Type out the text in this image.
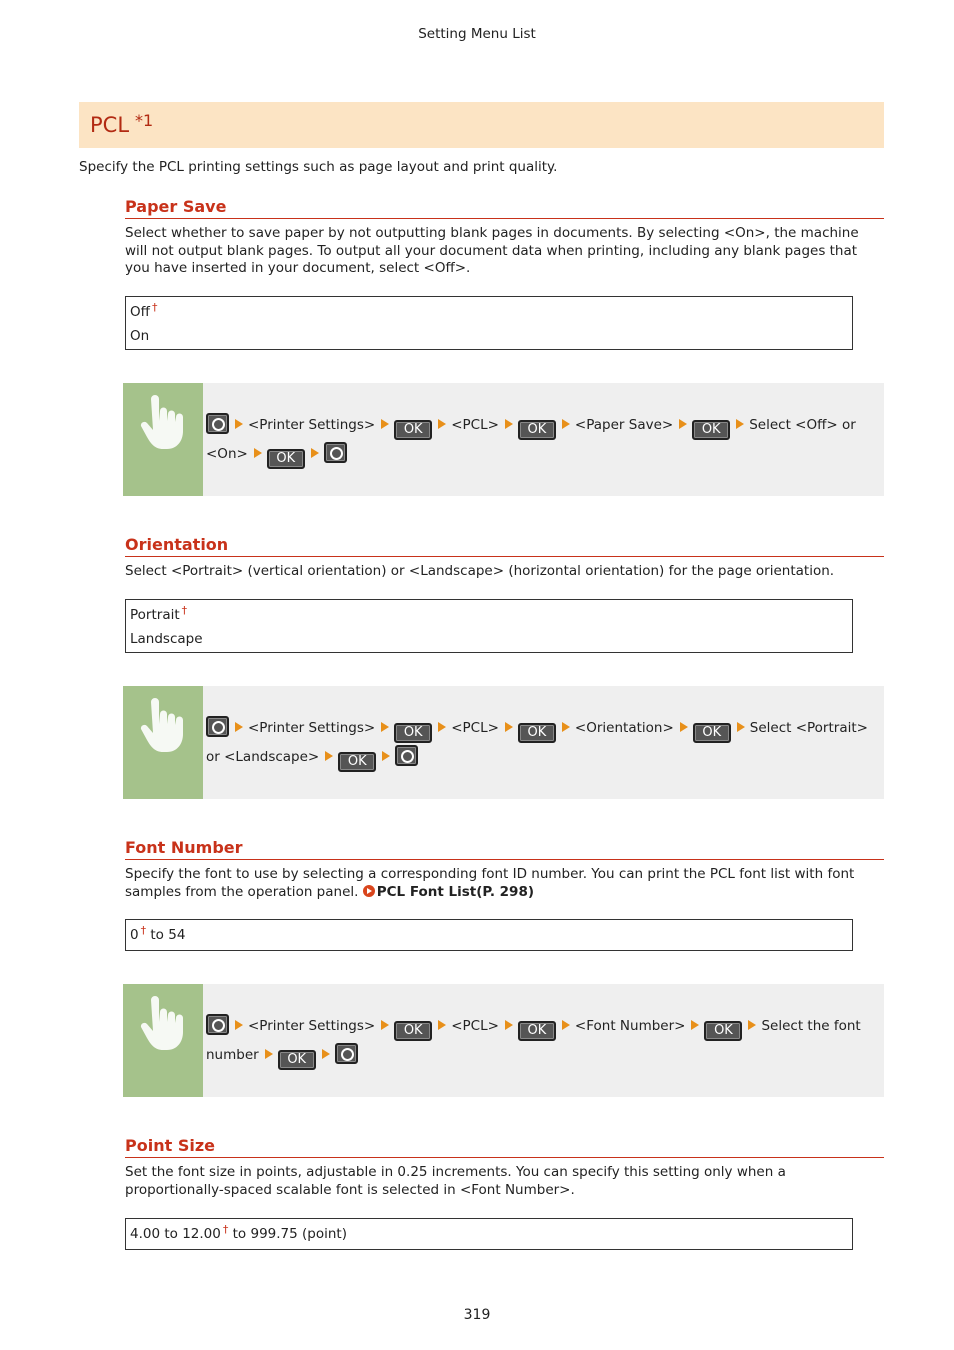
Setting Menu List
PCL $^{*1}$
Specify the PCL printing settings such as page layout and print quality.
Paper Save
Select whether to save paper by not outputting blank pages in documents. By selecting <On>, the machine will not output blank pages. To output all your document data when printing, including any blank pages that you have inserted in your document, select <Off>.
Off †
On
<Printer Settings> OK <PCL> OK <Paper Save> OK Select <Off> or <On> OK
Orientation
Select <Portrait> (vertical orientation) or <Landscape> (horizontal orientation) for the page orientation.
Portrait †
Landscape
<Printer Settings> OK <PCL> OK <Orientation> OK Select <Portrait> or <Landscape> OK
Font Number
Specify the font to use by selecting a corresponding font ID number. You can print the PCL font list with font samples from the operation panel. PCL Font List(P. 298)
0 † to 54
<Printer Settings> OK <PCL> OK <Font Number> OK Select the font number OK
Point Size
Set the font size in points, adjustable in 0.25 increments. You can specify this setting only when a proportionally-spaced scalable font is selected in <Font Number>.
4.00 to 12.00 † to 999.75 (point)
319
